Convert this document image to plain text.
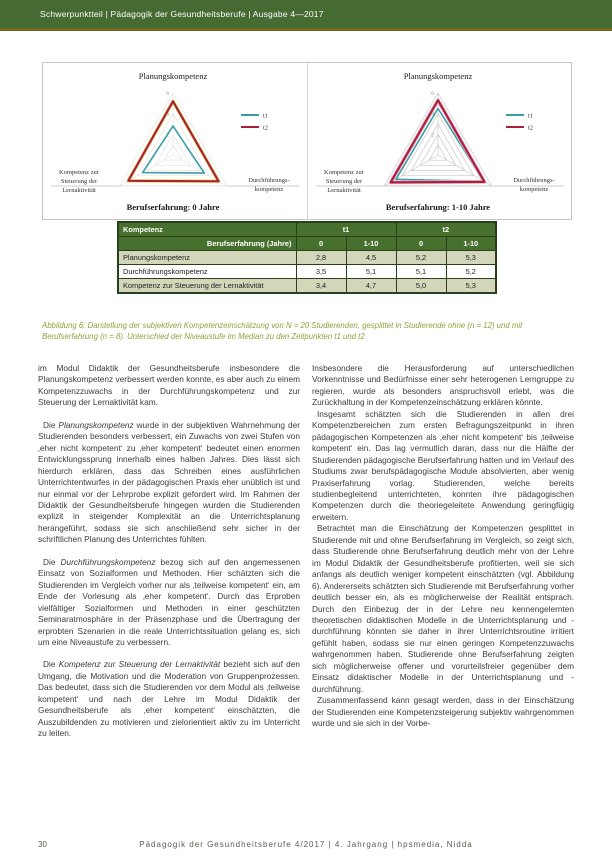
Schwerpunktteil | Pädagogik der Gesundheitsberufe | Ausgabe 4—2017
2
4
6
Planungskompetenz
Berufserfahrung: 0 Jahre
Durchführungs-
kompetenz
Kompetenz zur
Steuerung der
Lernaktivität
t1
t2
2
4
6
Planungskompetenz
Berufserfahrung: 1-10 Jahre
Durchführungs-
kompetenz
Kompetenz zur
Steuerung der
Lernaktivität
t1
t2
Kompetenz	t1		t2	
Berufserfahrung (Jahre)	0	1-10	0	1-10
Planungskompetenz	2,8	4,5	5,2	5,3
Durchführungskompetenz	3,5	5,1	5,1	5,2
Kompetenz zur Steuerung der Lernaktivität	3,4	4,7	5,0	5,3
Abbildung 6: Darstellung der subjektiven Kompetenzeinschätzung von N = 20 Studierenden, gesplittet in Studierende ohne (n = 12) und mit Berufserfahrung (n = 8). Unterschied der Niveaustufe im Median zu den Zeitpunkten t1 und t2

im Modul Didaktik der Gesundheitsberufe insbesondere die Planungskompetenz verbessert werden konnte, es aber auch zu einem Kompetenzzuwachs in der Durchführungskompetenz und zur Steuerung der Lernaktivität kam.

Die Planungskompetenz wurde in der subjektiven Wahrnehmung der Studierenden besonders verbessert, ein Zuwachs von zwei Stufen von ‚eher nicht kompetent‘ zu ‚eher kompetent‘ bedeutet einen enormen Entwicklungssprung innerhalb eines halben Jahres. Dies lässt sich hierdurch erklären, dass das Schreiben eines ausführlichen Unterrichtentwurfes in der pädagogischen Praxis eher unüblich ist und nur einmal vor der Lehrprobe explizit gefordert wird. Im Rahmen der Didaktik der Gesundheitsberufe hingegen wurden die Studierenden explizit in steigender Komplexität an die Unterrichtsplanung herangeführt, sodass sie sich anschließend sehr sicher in der schriftlichen Planung des Unterrichtes fühlten.

Die Durchführungskompetenz bezog sich auf den angemessenen Einsatz von Sozialformen und Methoden. Hier schätzten sich die Studierenden im Vergleich vorher nur als ‚teilweise kompetent‘ ein, am Ende der Vorlesung als ‚eher kompetent‘. Durch das Erproben vielfältiger Sozialformen und Methoden in einer geschützten Seminaratmosphäre in der Präsenzphase und die Übertragung der erprobten Szenarien in die reale Unterrichtssituation gelang es, sich um eine Niveaustufe zu verbessern.

Die Kompetenz zur Steuerung der Lernaktivität bezieht sich auf den Umgang, die Motivation und die Moderation von Gruppenprozessen. Das bedeutet, dass sich die Studierenden vor dem Modul als ‚teilweise kompetent‘ und nach der Lehre im Modul Didaktik der Gesundheitsberufe als ‚eher kompetent‘ einschätzten, die Auszubildenden zu motivieren und zielorientiert aktiv zu im Unterricht zu leiten.

Insbesondere die Herausforderung auf unterschiedlichen Vorkenntnisse und Bedürfnisse einer sehr heterogenen Lerngruppe zu regieren, wurde als besonders anspruchsvoll erlebt, was die Zurückhaltung in der Kompetenzeinschätzung erklären könnte.

Insgesamt schätzten sich die Studierenden in allen drei Kompetenzbereichen zum ersten Befragungszeitpunkt in ihren pädagogischen Kompetenzen als ‚eher nicht kompetent‘ bis ‚teilweise kompetent‘ ein. Das lag vermutlich daran, dass nur die Hälfte der Studierenden pädagogische Berufserfahrung hatten und im Verlauf des Studiums zwar berufspädagogische Module absolvierten, aber wenig Praxiserfahrung vorlag. Studierenden, welche bereits studienbegleitend unterrichteten, konnten ihre pädagogischen Kompetenzen durch die theoriegeleitete Anwendung geringfügig erweitern.

Betrachtet man die Einschätzung der Kompetenzen gesplittet in Studierende mit und ohne Berufserfahrung im Vergleich, so zeigt sich, dass Studierende ohne Berufserfahrung deutlich mehr von der Lehre im Modul Didaktik der Gesundheitsberufe profitierten, weil sie sich anfangs als deutlich weniger kompetent einschätzten (vgl. Abbildung 6). Andererseits schätzten sich Studierende mit Berufserfahrung vorher deutlich besser ein, als es möglicherweise der Realität entsprach. Durch den Einbezug der in der Lehre neu kennengelernten theoretischen didaktischen Modelle in die Unterrichtsplanung und -durchführung könnten sie daher in ihrer Unterrichtsroutine irritiert gefühlt haben, sodass sie nur einen geringen Kompetenzzuwachs wahrgenommen haben. Studierende ohne Berufserfahrung zeigten sich möglicherweise offener und vorurteilsfreier gegenüber dem Einsatz didaktischer Modelle in der Unterrichtsplanung und -durchführung.

Zusammenfassend kann gesagt werden, dass in der Einschätzung der Studierenden eine Kompetenzsteigerung subjektiv wahrgenommen wurde und sie sich in der Vorbe-

30	Pädagogik der Gesundheitsberufe 4/2017 | 4. Jahrgang | hpsmedia, Nidda
